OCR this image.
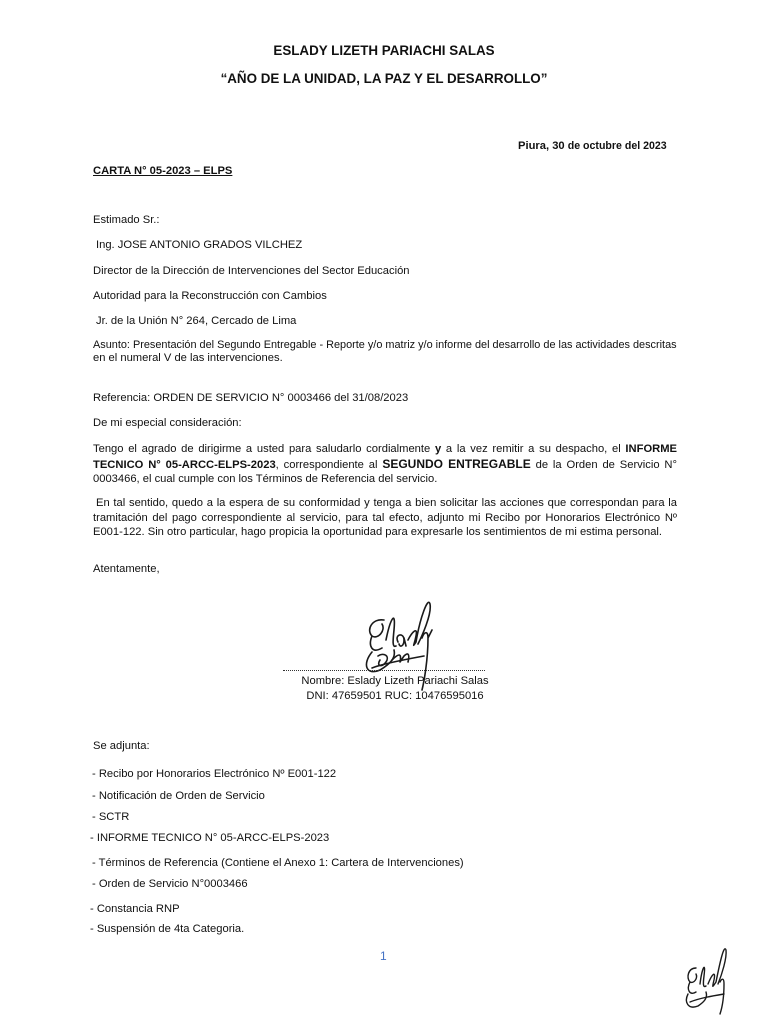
ESLADY LIZETH PARIACHI SALAS
“AÑO DE LA UNIDAD, LA PAZ Y EL DESARROLLO”
Piura, 30 de octubre del 2023
CARTA N° 05-2023 – ELPS
Estimado Sr.:
Ing. JOSE ANTONIO GRADOS VILCHEZ
Director de la Dirección de Intervenciones del Sector Educación
Autoridad para la Reconstrucción con Cambios
Jr. de la Unión N° 264, Cercado de Lima
Asunto: Presentación del Segundo Entregable - Reporte y/o matriz y/o informe del desarrollo de las actividades descritas
en el numeral V de las intervenciones.
Referencia: ORDEN DE SERVICIO N° 0003466 del 31/08/2023
De mi especial consideración:
Tengo el agrado de dirigirme a usted para saludarlo cordialmente y a la vez remitir a su despacho, el INFORME TECNICO N° 05-ARCC-ELPS-2023, correspondiente al SEGUNDO ENTREGABLE de la Orden de Servicio N° 0003466, el cual cumple con los Términos de Referencia del servicio.
En tal sentido, quedo a la espera de su conformidad y tenga a bien solicitar las acciones que correspondan para la tramitación del pago correspondiente al servicio, para tal efecto, adjunto mi Recibo por Honorarios Electrónico Nº E001-122. Sin otro particular, hago propicia la oportunidad para expresarle los sentimientos de mi estima personal.
Atentamente,
Nombre: Eslady Lizeth Pariachi Salas
DNI: 47659501 RUC: 10476595016
Se adjunta:
- Recibo por Honorarios Electrónico Nº E001-122
- Notificación de Orden de Servicio
- SCTR
- INFORME TECNICO N° 05-ARCC-ELPS-2023
- Términos de Referencia (Contiene el Anexo 1: Cartera de Intervenciones)
- Orden de Servicio N°0003466
- Constancia RNP
- Suspensión de 4ta Categoria.
1
